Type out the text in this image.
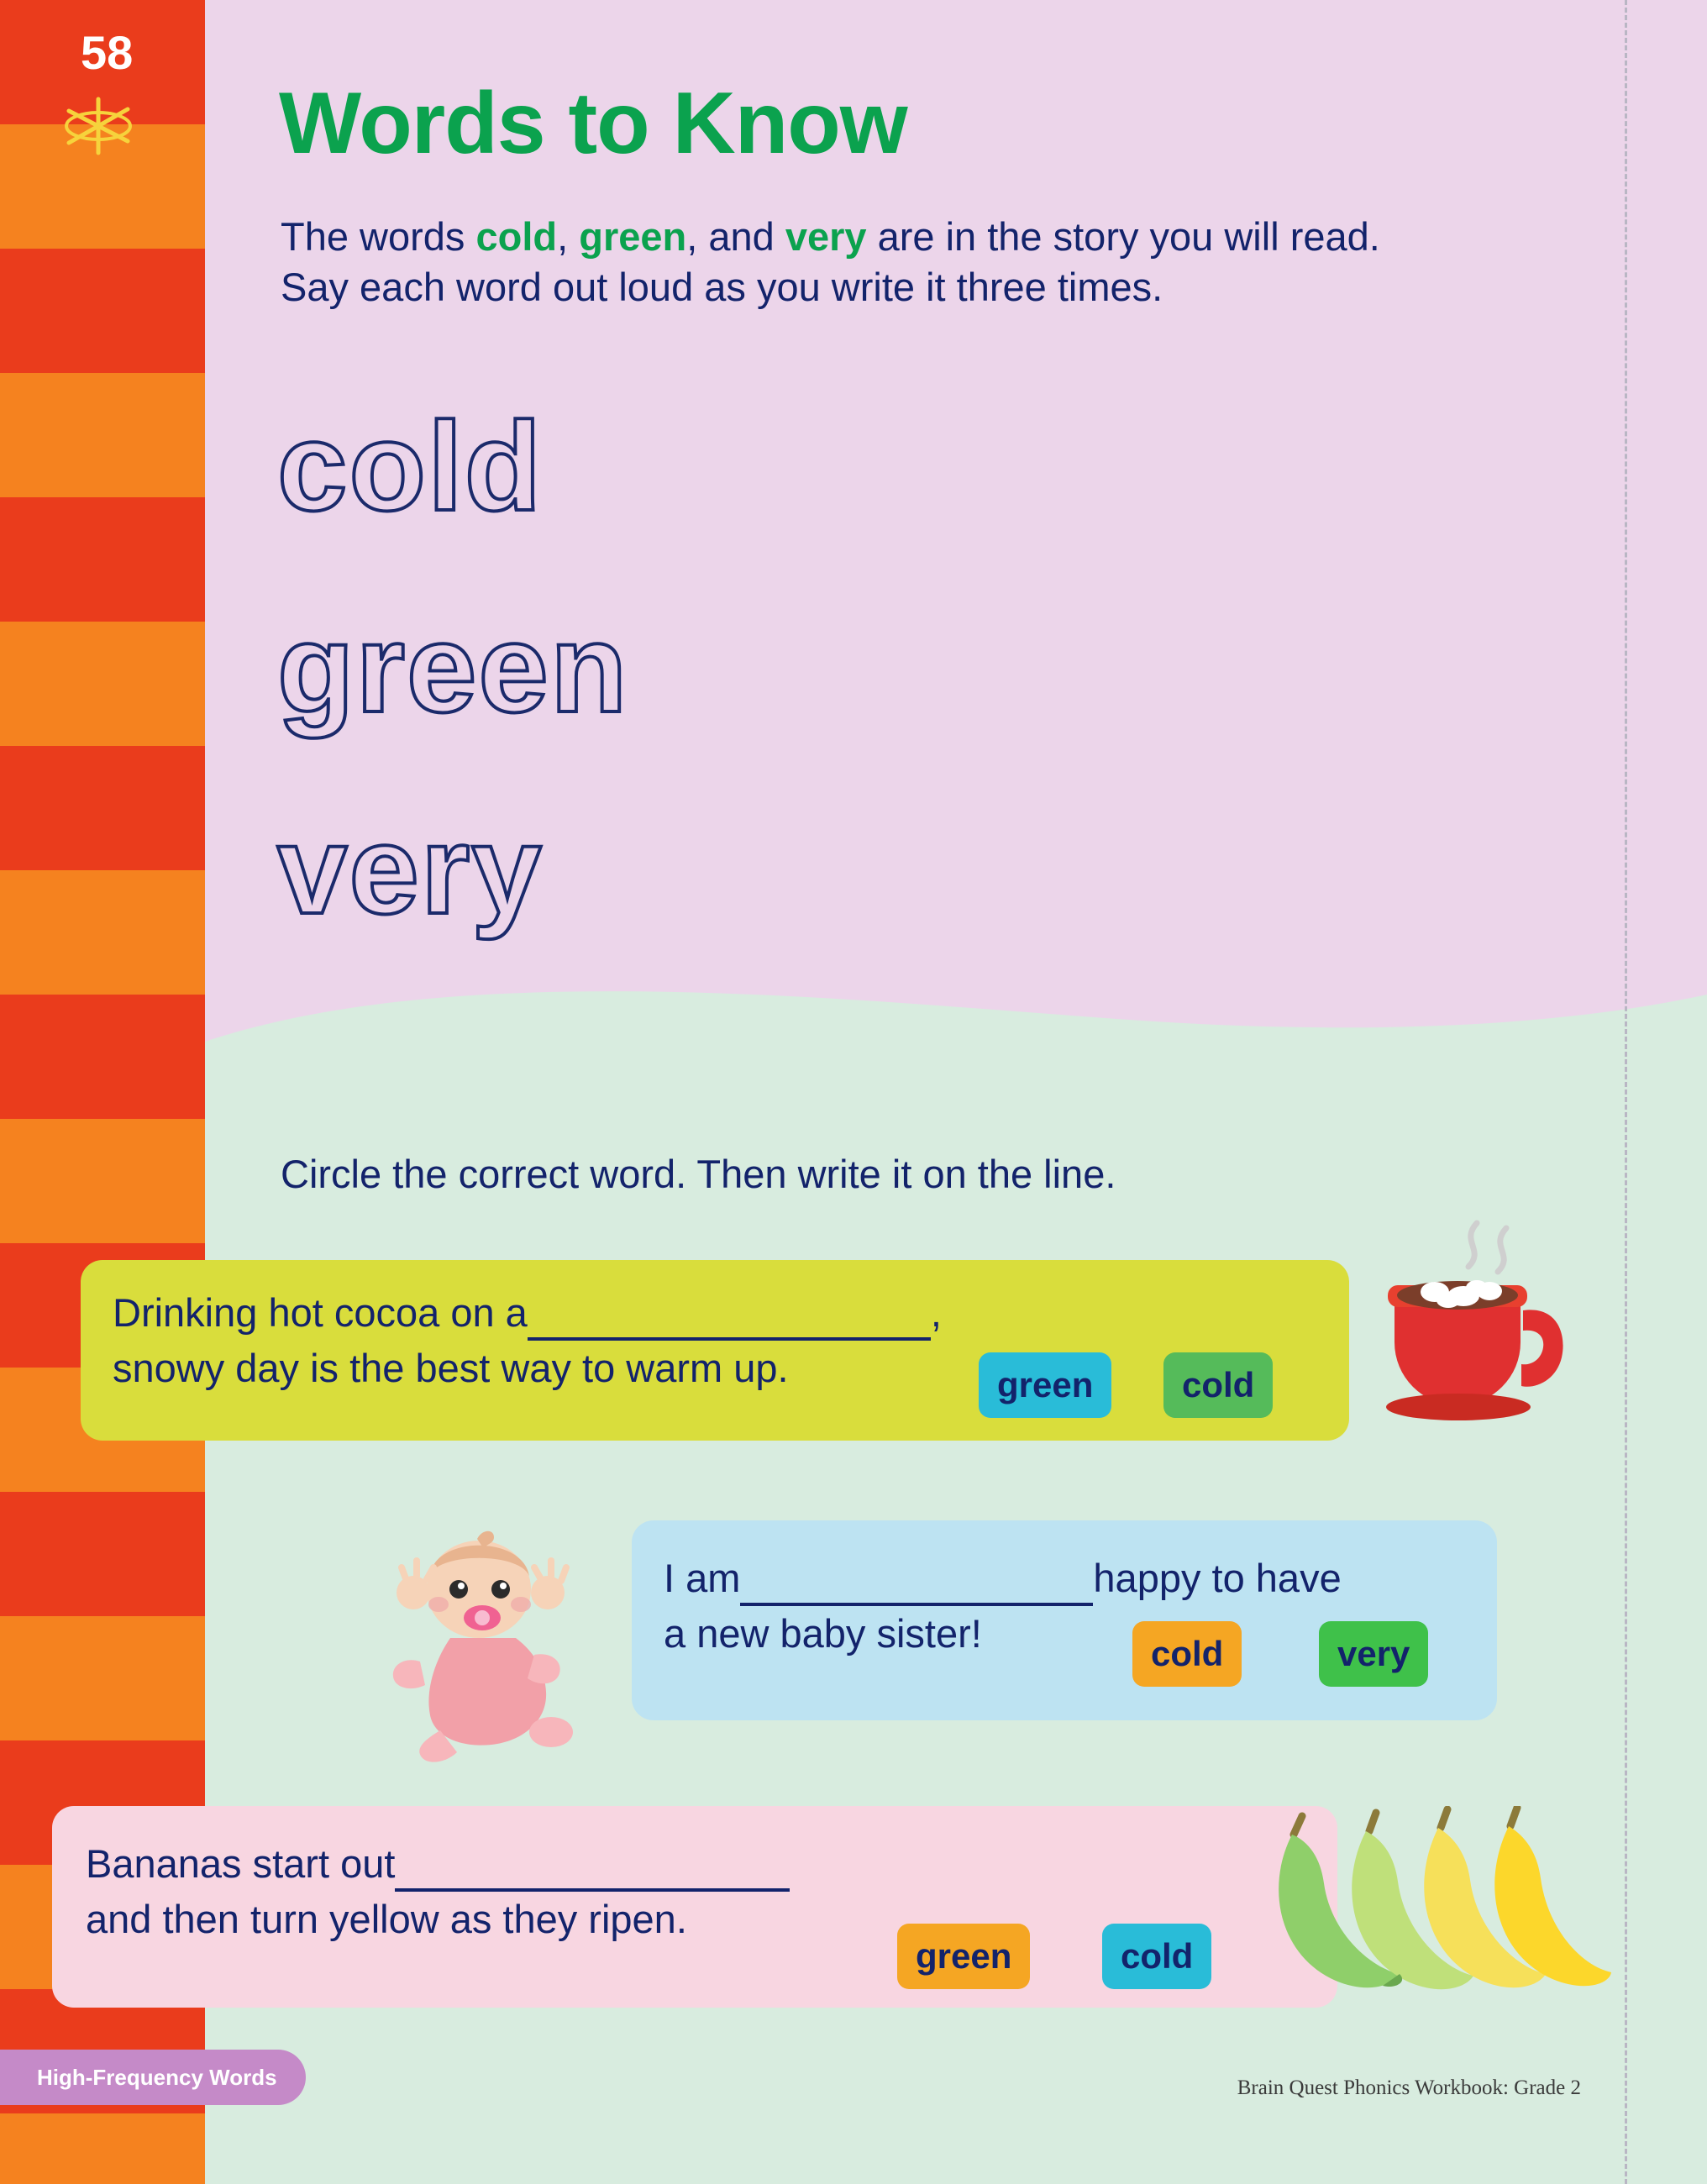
58
Words to Know
The words cold, green, and very are in the story you will read.
Say each word out loud as you write it three times.
cold
green
very
Circle the correct word. Then write it on the line.
Drinking hot cocoa on a	,
snowy day is the best way to warm up.	green	cold
I am	happy to have
a new baby sister!	cold	very
Bananas start out
and then turn yellow as they ripen.
green	cold
High-Frequency Words	Brain Quest Phonics Workbook: Grade 2
